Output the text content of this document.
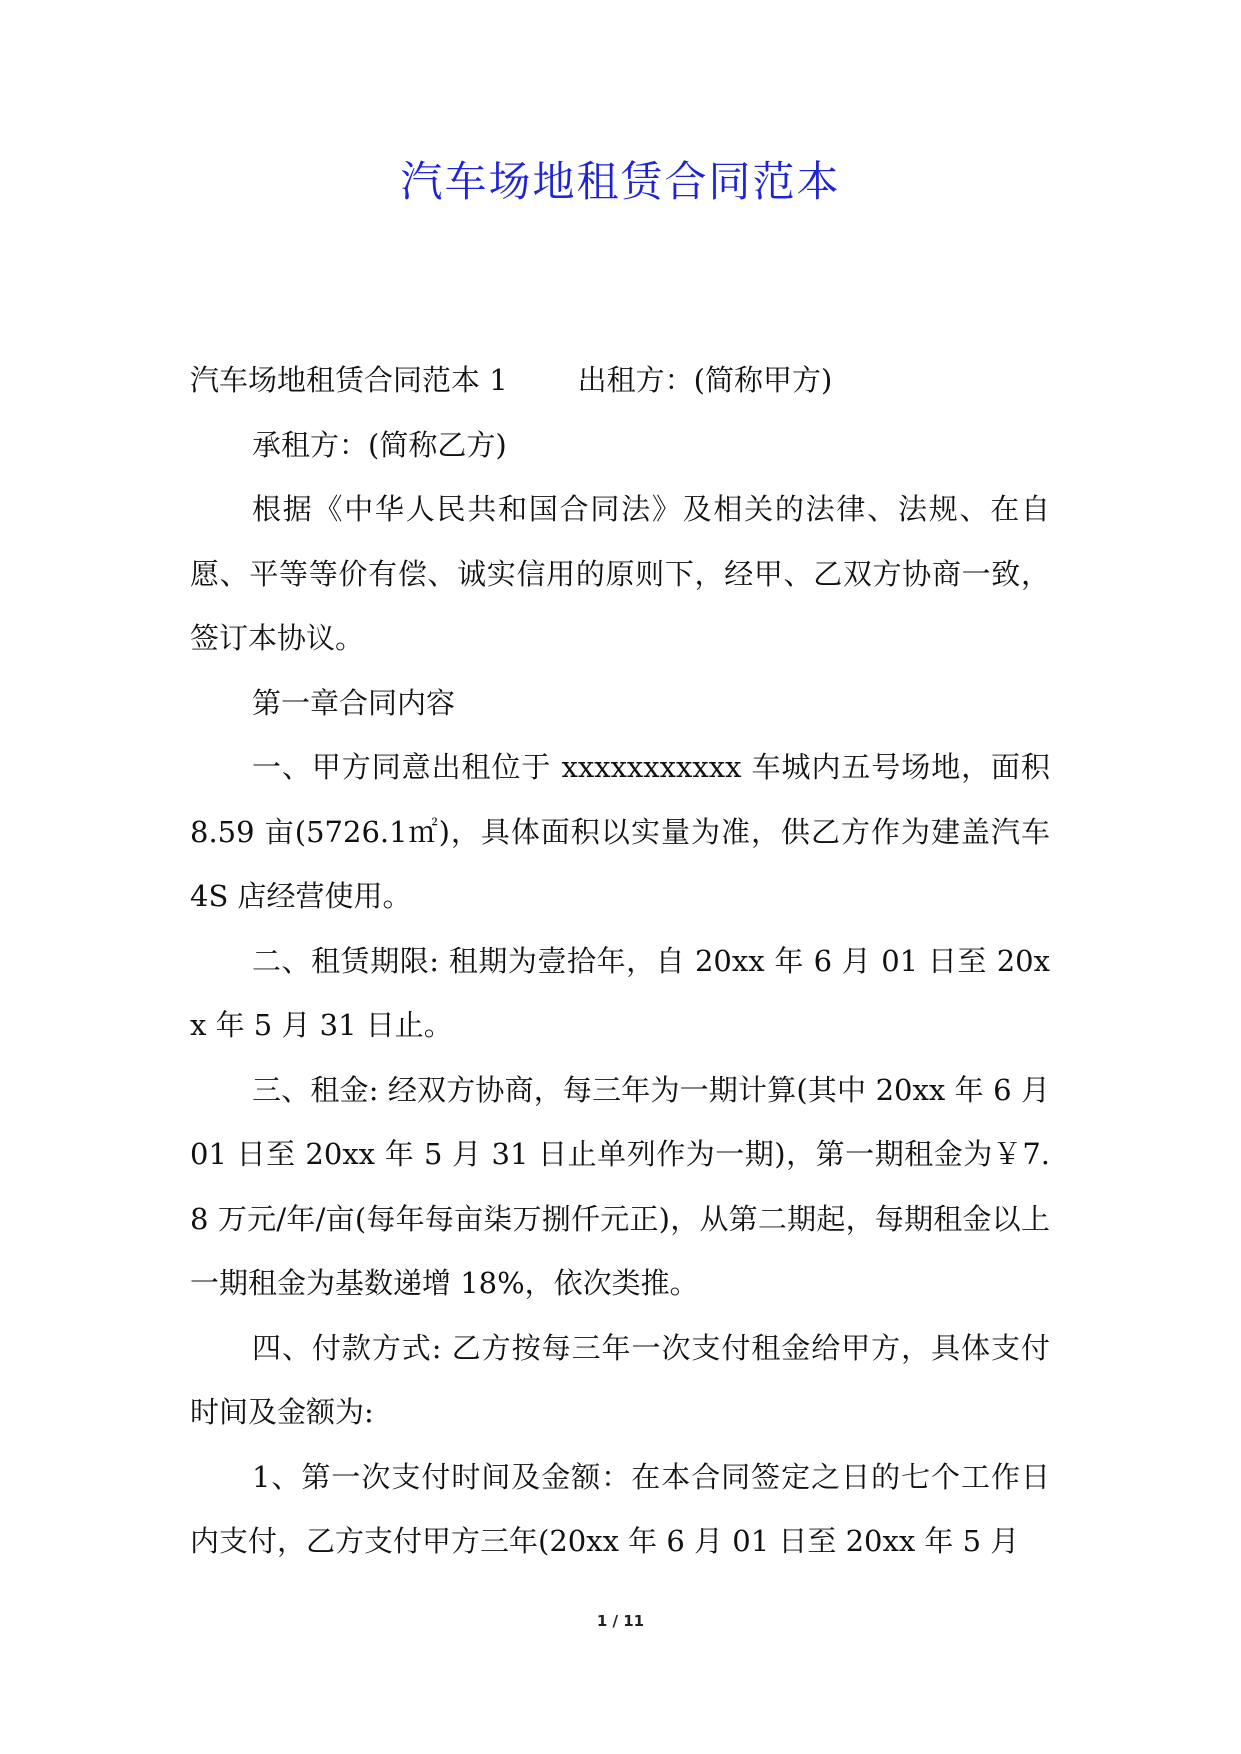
汽车场地租赁合同范本

汽车场地租赁合同范本 1 出租方：(简称甲方)

承租方：(简称乙方)

根据《中华人民共和国合同法》及相关的法律、法规、在自愿、平等等价有偿、诚实信用的原则下，经甲、乙双方协商一致，签订本协议。

第一章合同内容

一、甲方同意出租位于 xxxxxxxxxxx 车城内五号场地，面积 8.59 亩(5726.1㎡)，具体面积以实量为准，供乙方作为建盖汽车 4S 店经营使用。

二、租赁期限: 租期为壹拾年，自 20xx 年 6 月 01 日至 20xx 年 5 月 31 日止。

三、租金: 经双方协商，每三年为一期计算(其中 20xx 年 6 月 01 日至 20xx 年 5 月 31 日止单列作为一期)，第一期租金为￥7.8 万元/年/亩(每年每亩柒万捌仟元正)，从第二期起，每期租金以上一期租金为基数递增 18%，依次类推。

四、付款方式: 乙方按每三年一次支付租金给甲方，具体支付时间及金额为:

1、第一次支付时间及金额：在本合同签定之日的七个工作日内支付，乙方支付甲方三年(20xx 年 6 月 01 日至 20xx 年 5 月

1 / 11
